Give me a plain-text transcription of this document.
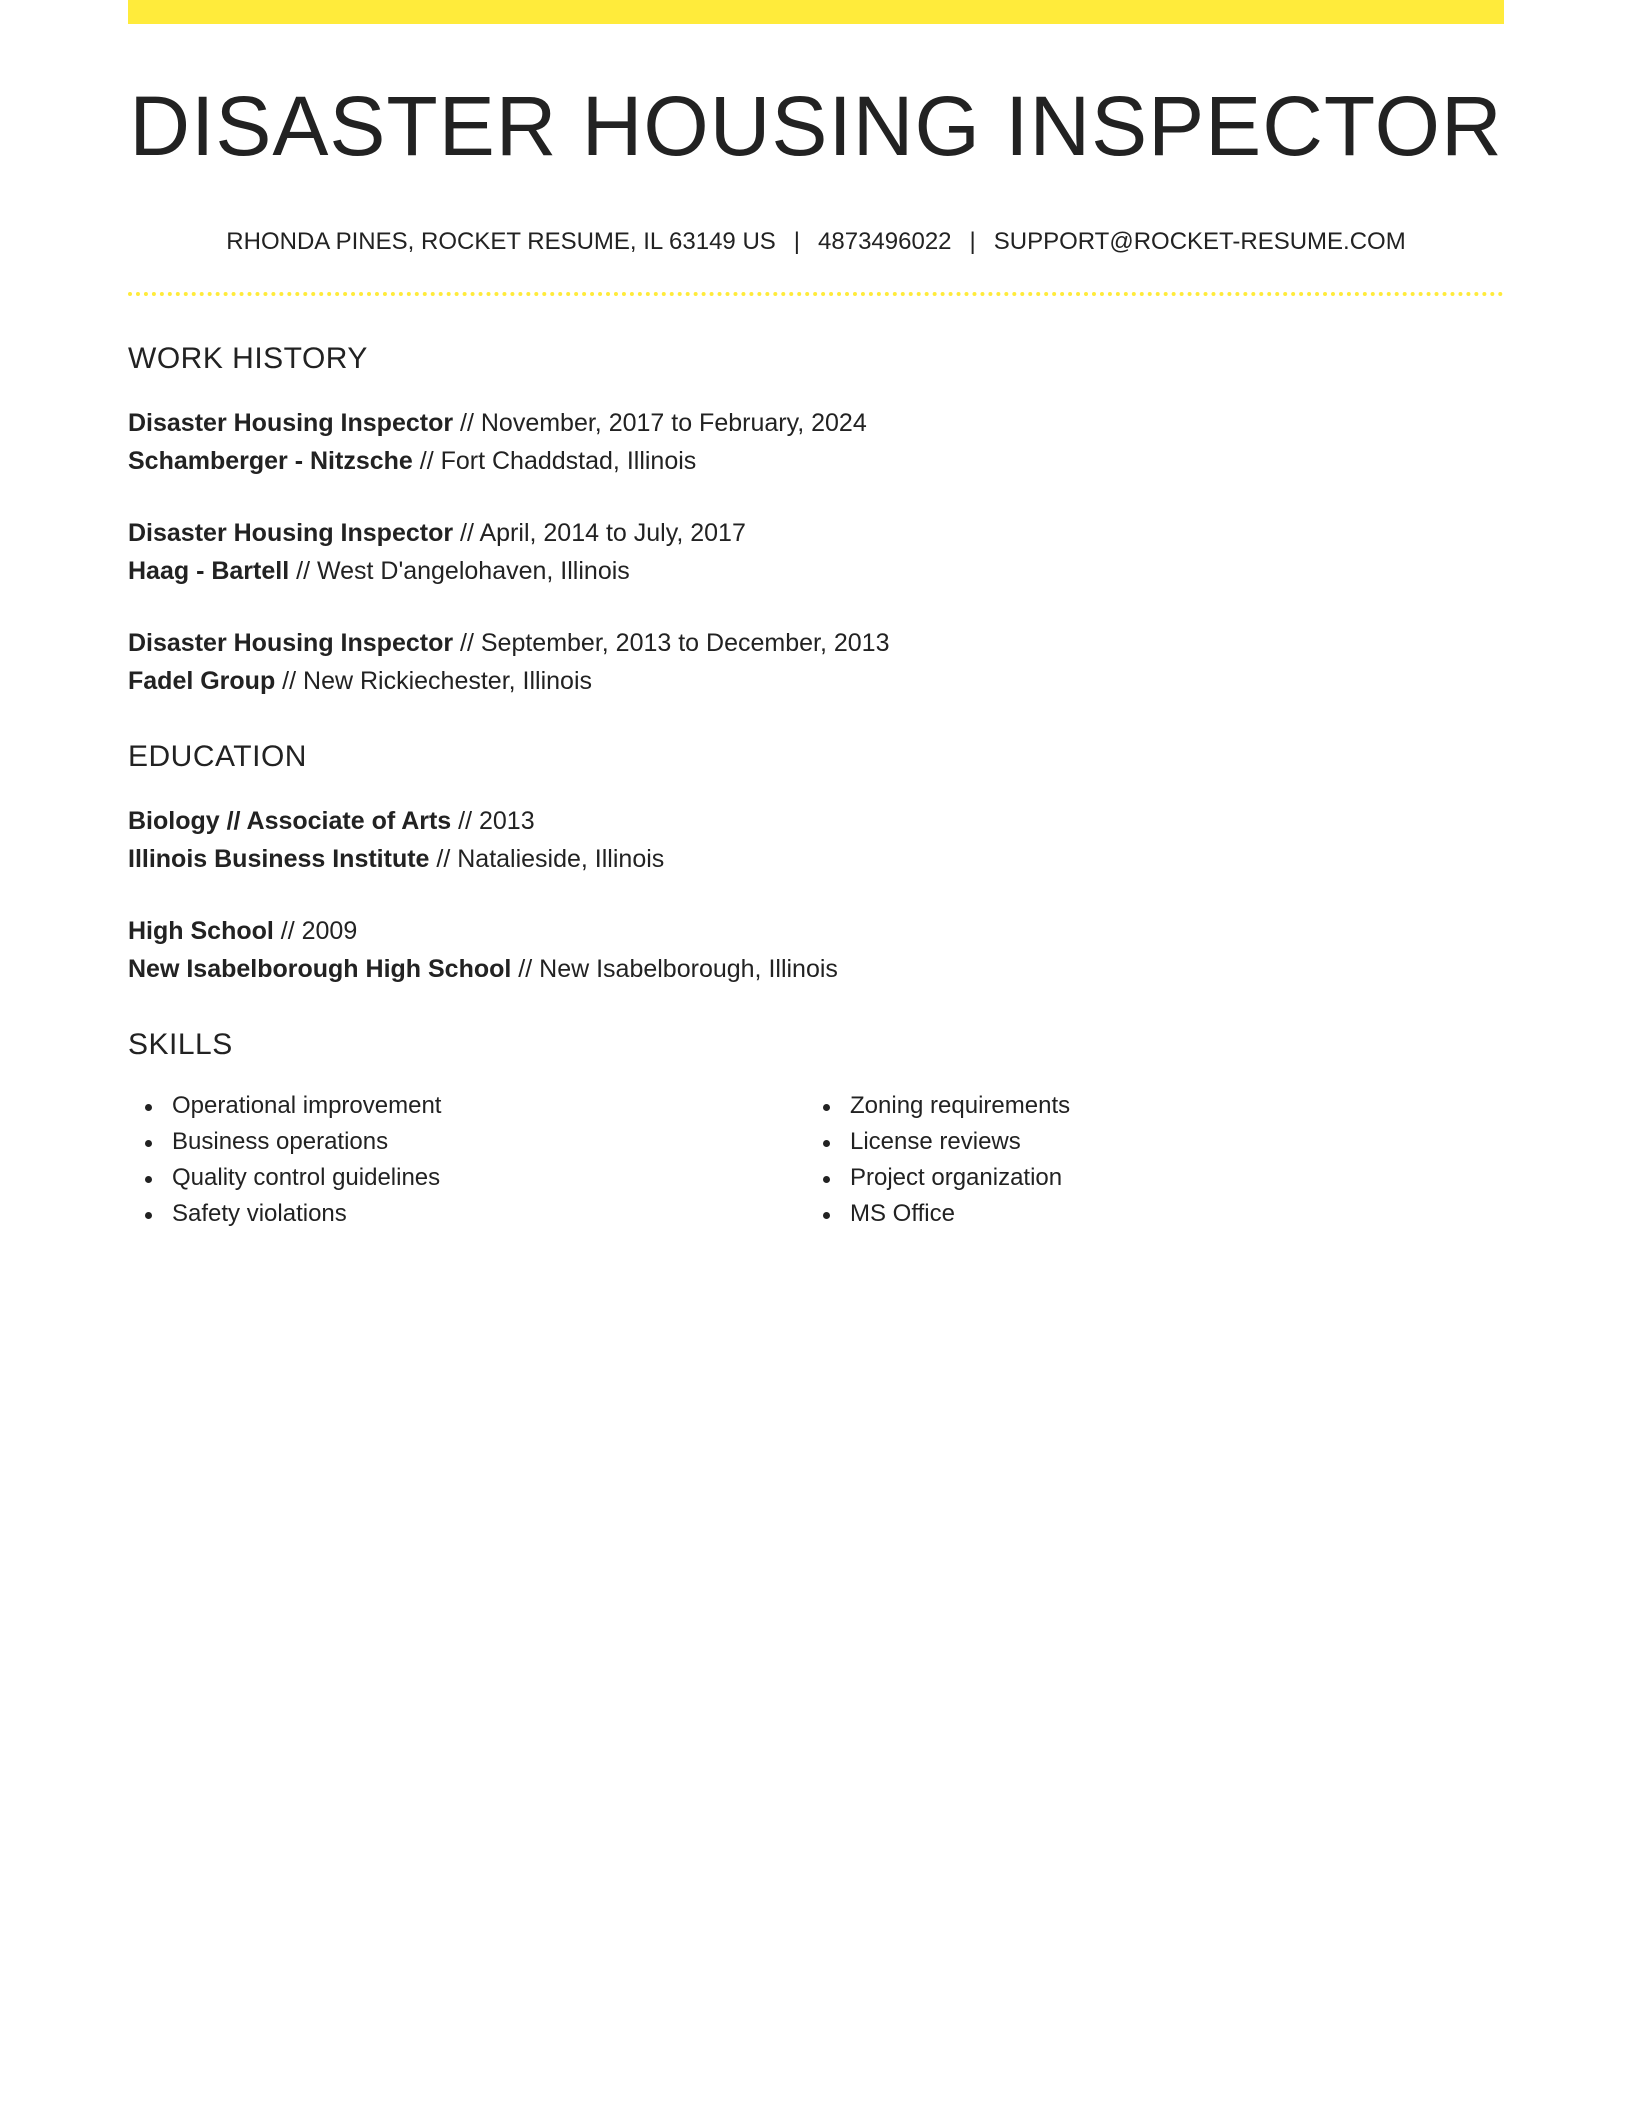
DISASTER HOUSING INSPECTOR
RHONDA PINES, ROCKET RESUME, IL 63149 US | 4873496022 | SUPPORT@ROCKET-RESUME.COM
WORK HISTORY
Disaster Housing Inspector // November, 2017 to February, 2024
Schamberger - Nitzsche // Fort Chaddstad, Illinois
Disaster Housing Inspector // April, 2014 to July, 2017
Haag - Bartell // West D'angelohaven, Illinois
Disaster Housing Inspector // September, 2013 to December, 2013
Fadel Group // New Rickiechester, Illinois
EDUCATION
Biology // Associate of Arts // 2013
Illinois Business Institute // Natalieside, Illinois
High School // 2009
New Isabelborough High School // New Isabelborough, Illinois
SKILLS
Operational improvement
Business operations
Quality control guidelines
Safety violations
Zoning requirements
License reviews
Project organization
MS Office
